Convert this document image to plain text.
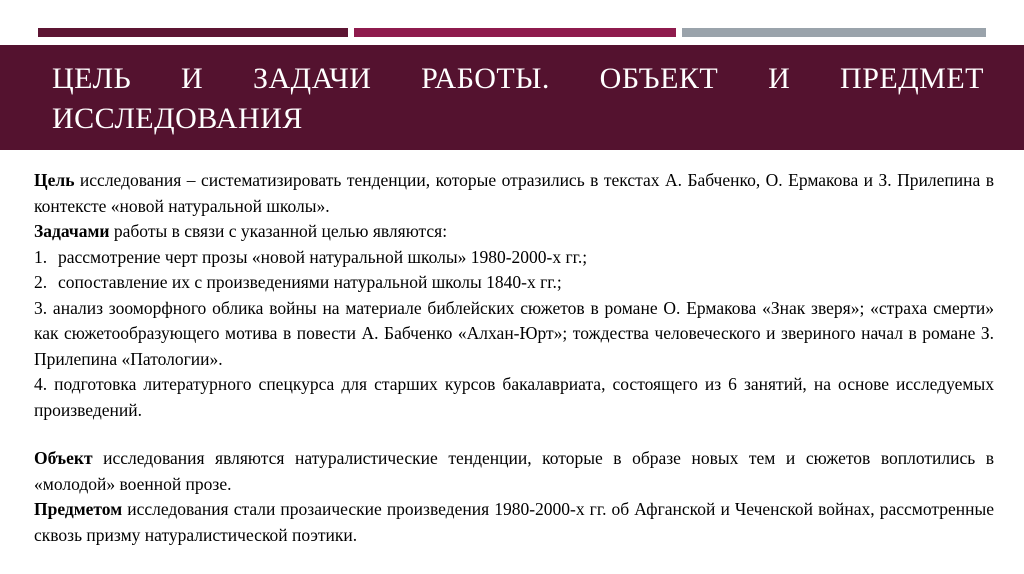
ЦЕЛЬ И ЗАДАЧИ РАБОТЫ. ОБЪЕКТ И ПРЕДМЕТ ИССЛЕДОВАНИЯ

Цель исследования – систематизировать тенденции, которые отразились в текстах А. Бабченко, О. Ермакова и З. Прилепина в контексте «новой натуральной школы».

Задачами работы в связи с указанной целью являются:

1. рассмотрение черт прозы «новой натуральной школы» 1980-2000-х гг.;
2. сопоставление их с произведениями натуральной школы 1840-х гг.;

3. анализ зооморфного облика войны на материале библейских сюжетов в романе О. Ермакова «Знак зверя»; «страха смерти» как сюжетообразующего мотива в повести А. Бабченко «Алхан-Юрт»; тождества человеческого и звериного начал в романе З. Прилепина «Патологии».

4. подготовка литературного спецкурса для старших курсов бакалавриата, состоящего из 6 занятий, на основе исследуемых произведений.

Объект исследования являются натуралистические тенденции, которые в образе новых тем и сюжетов воплотились в «молодой» военной прозе.

Предметом исследования стали прозаические произведения 1980-2000-х гг. об Афганской и Чеченской войнах, рассмотренные сквозь призму натуралистической поэтики.
